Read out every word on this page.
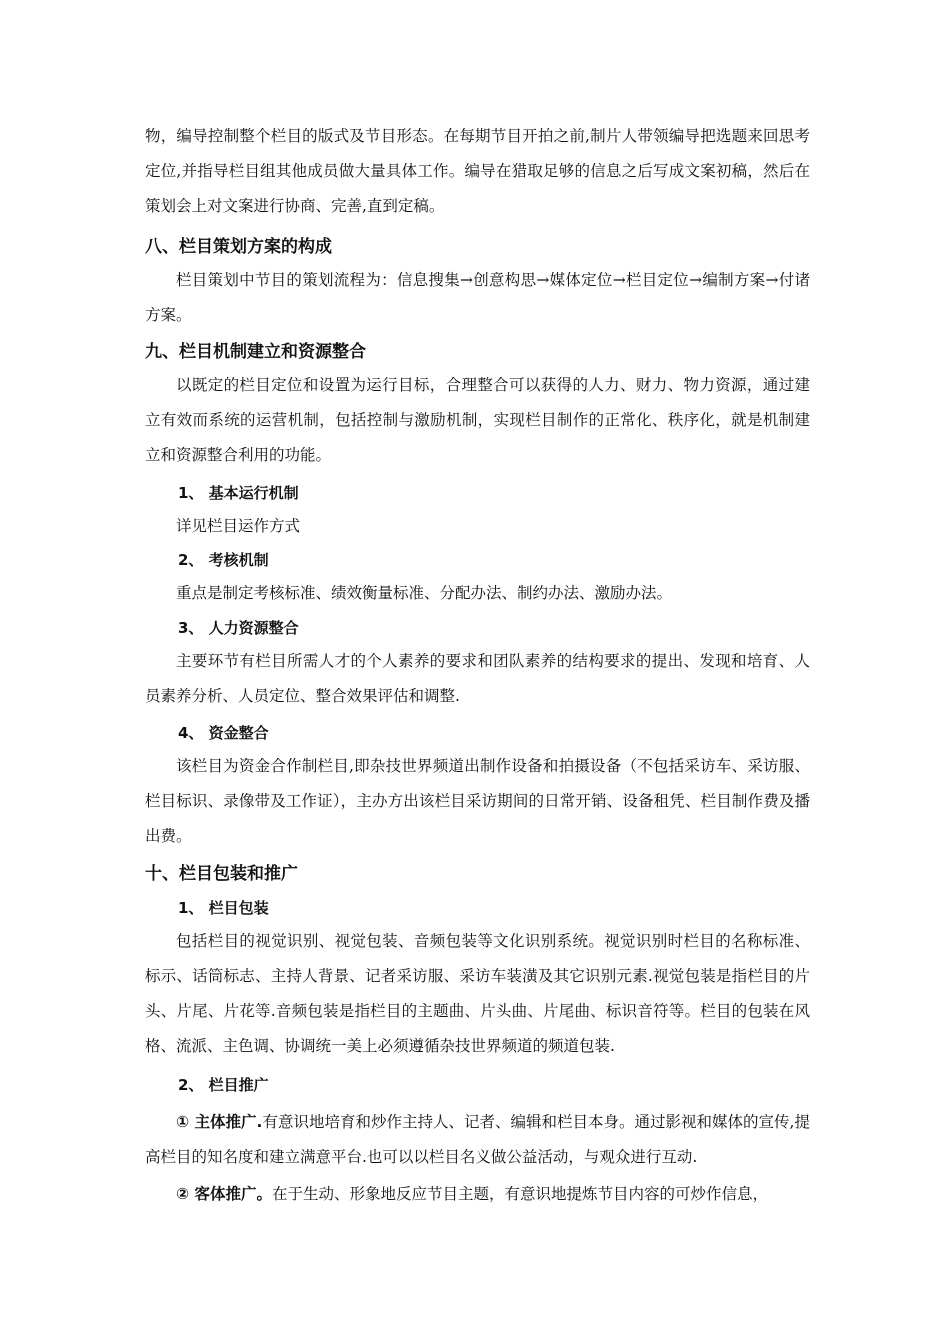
物，编导控制整个栏目的版式及节目形态。在每期节目开拍之前,制片人带领编导把选题来回思考定位,并指导栏目组其他成员做大量具体工作。编导在猎取足够的信息之后写成文案初稿，然后在策划会上对文案进行协商、完善,直到定稿。
八、栏目策划方案的构成
栏目策划中节目的策划流程为：信息搜集→创意构思→媒体定位→栏目定位→编制方案→付诸方案。
九、栏目机制建立和资源整合
以既定的栏目定位和设置为运行目标，合理整合可以获得的人力、财力、物力资源，通过建立有效而系统的运营机制，包括控制与激励机制，实现栏目制作的正常化、秩序化，就是机制建立和资源整合利用的功能。
1、 基本运行机制
详见栏目运作方式
2、 考核机制
重点是制定考核标准、绩效衡量标准、分配办法、制约办法、激励办法。
3、 人力资源整合
主要环节有栏目所需人才的个人素养的要求和团队素养的结构要求的提出、发现和培育、人员素养分析、人员定位、整合效果评估和调整.
4、 资金整合
该栏目为资金合作制栏目,即杂技世界频道出制作设备和拍摄设备（不包括采访车、采访服、栏目标识、录像带及工作证），主办方出该栏目采访期间的日常开销、设备租凭、栏目制作费及播出费。
十、栏目包装和推广
1、 栏目包装
包括栏目的视觉识别、视觉包装、音频包装等文化识别系统。视觉识别时栏目的名称标准、标示、话筒标志、主持人背景、记者采访服、采访车装潢及其它识别元素.视觉包装是指栏目的片头、片尾、片花等.音频包装是指栏目的主题曲、片头曲、片尾曲、标识音符等。栏目的包装在风格、流派、主色调、协调统一美上必须遵循杂技世界频道的频道包装.
2、 栏目推广
① 主体推广.有意识地培育和炒作主持人、记者、编辑和栏目本身。通过影视和媒体的宣传,提高栏目的知名度和建立满意平台.也可以以栏目名义做公益活动，与观众进行互动.
② 客体推广。在于生动、形象地反应节目主题，有意识地提炼节目内容的可炒作信息，
